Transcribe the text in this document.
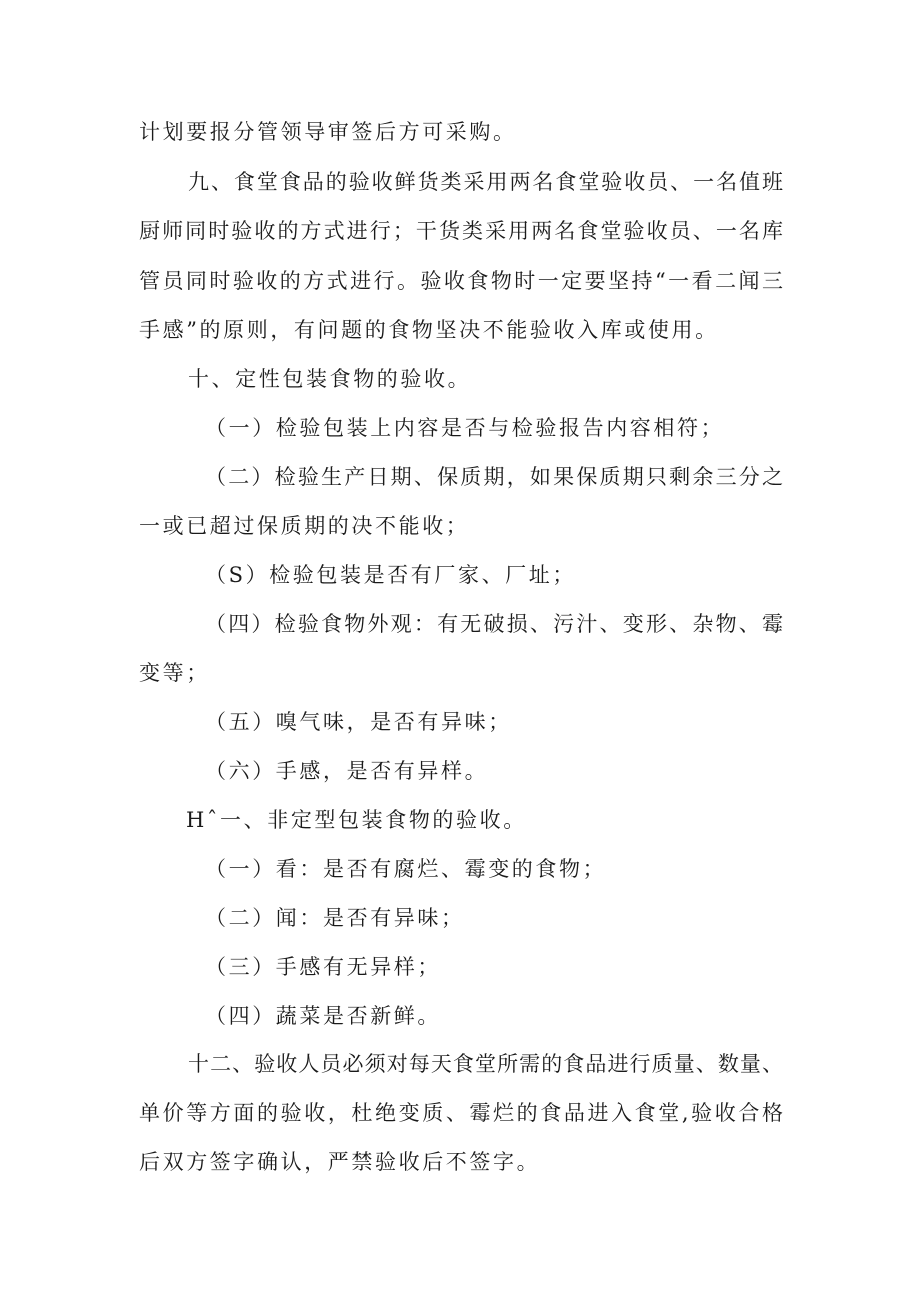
计划要报分管领导审签后方可采购。
九、食堂食品的验收鲜货类采用两名食堂验收员、一名值班
厨师同时验收的方式进行；干货类采用两名食堂验收员、一名库
管员同时验收的方式进行。验收食物时一定要坚持“一看二闻三
手感”的原则，有问题的食物坚决不能验收入库或使用。
十、定性包装食物的验收。
（一）检验包装上内容是否与检验报告内容相符；
（二）检验生产日期、保质期，如果保质期只剩余三分之
一或已超过保质期的决不能收；
（S）检验包装是否有厂家、厂址；
（四）检验食物外观：有无破损、污汁、变形、杂物、霉
变等；
（五）嗅气味，是否有异味；
（六）手感，是否有异样。
Hˆ一、非定型包装食物的验收。
（一）看：是否有腐烂、霉变的食物；
（二）闻：是否有异味；
（三）手感有无异样；
（四）蔬菜是否新鲜。
十二、验收人员必须对每天食堂所需的食品进行质量、数量、
单价等方面的验收，杜绝变质、霉烂的食品进入食堂,验收合格
后双方签字确认，严禁验收后不签字。
